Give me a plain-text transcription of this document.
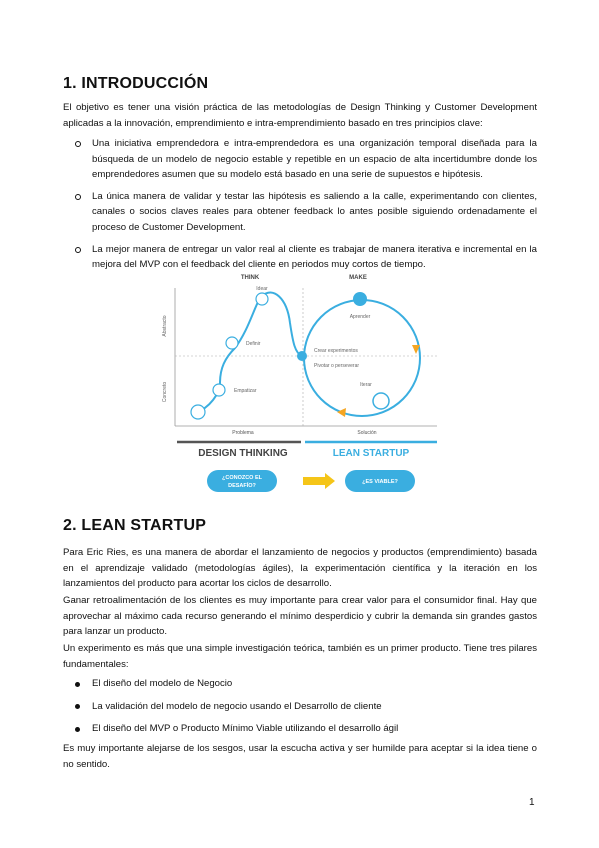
1. INTRODUCCIÓN

El objetivo es tener una visión práctica de las metodologías de Design Thinking y Customer Development aplicadas a la innovación, emprendimiento e intra-emprendimiento basado en tres principios clave:

Una iniciativa emprendedora e intra-emprendedora es una organización temporal diseñada para la búsqueda de un modelo de negocio estable y repetible en un espacio de alta incertidumbre donde los emprendedores asumen que su modelo está basado en una serie de supuestos e hipótesis.
La única manera de validar y testar las hipótesis es saliendo a la calle, experimentando con clientes, canales o socios claves reales para obtener feedback lo antes posible siguiendo ordenadamente el proceso de Customer Development.
La mejor manera de entregar un valor real al cliente es trabajar de manera iterativa e incremental en la mejora del MVP con el feedback del cliente en periodos muy cortos de tiempo.
THINK	MAKE
Abstracto
Concreto
Problema	Solución
Empatizar
Definir
Idear
Crear experimentos
Pivotar o perseverar
Aprender
Iterar
DESIGN THINKING	LEAN STARTUP
¿CONOZCO EL
DESAFÍO?
¿ES VIABLE?
2. LEAN STARTUP

Para Eric Ries, es una manera de abordar el lanzamiento de negocios y productos (emprendimiento) basada en el aprendizaje validado (metodologías ágiles), la experimentación científica y la iteración en los lanzamientos del producto para acortar los ciclos de desarrollo.

Ganar retroalimentación de los clientes es muy importante para crear valor para el consumidor final. Hay que aprovechar al máximo cada recurso generando el mínimo desperdicio y cubrir la demanda sin grandes gastos para lanzar un producto.

Un experimento es más que una simple investigación teórica, también es un primer producto. Tiene tres pilares fundamentales:

El diseño del modelo de Negocio
La validación del modelo de negocio usando el Desarrollo de cliente
El diseño del MVP o Producto Mínimo Viable utilizando el desarrollo ágil

Es muy importante alejarse de los sesgos, usar la escucha activa y ser humilde para aceptar si la idea tiene o no sentido.

1
